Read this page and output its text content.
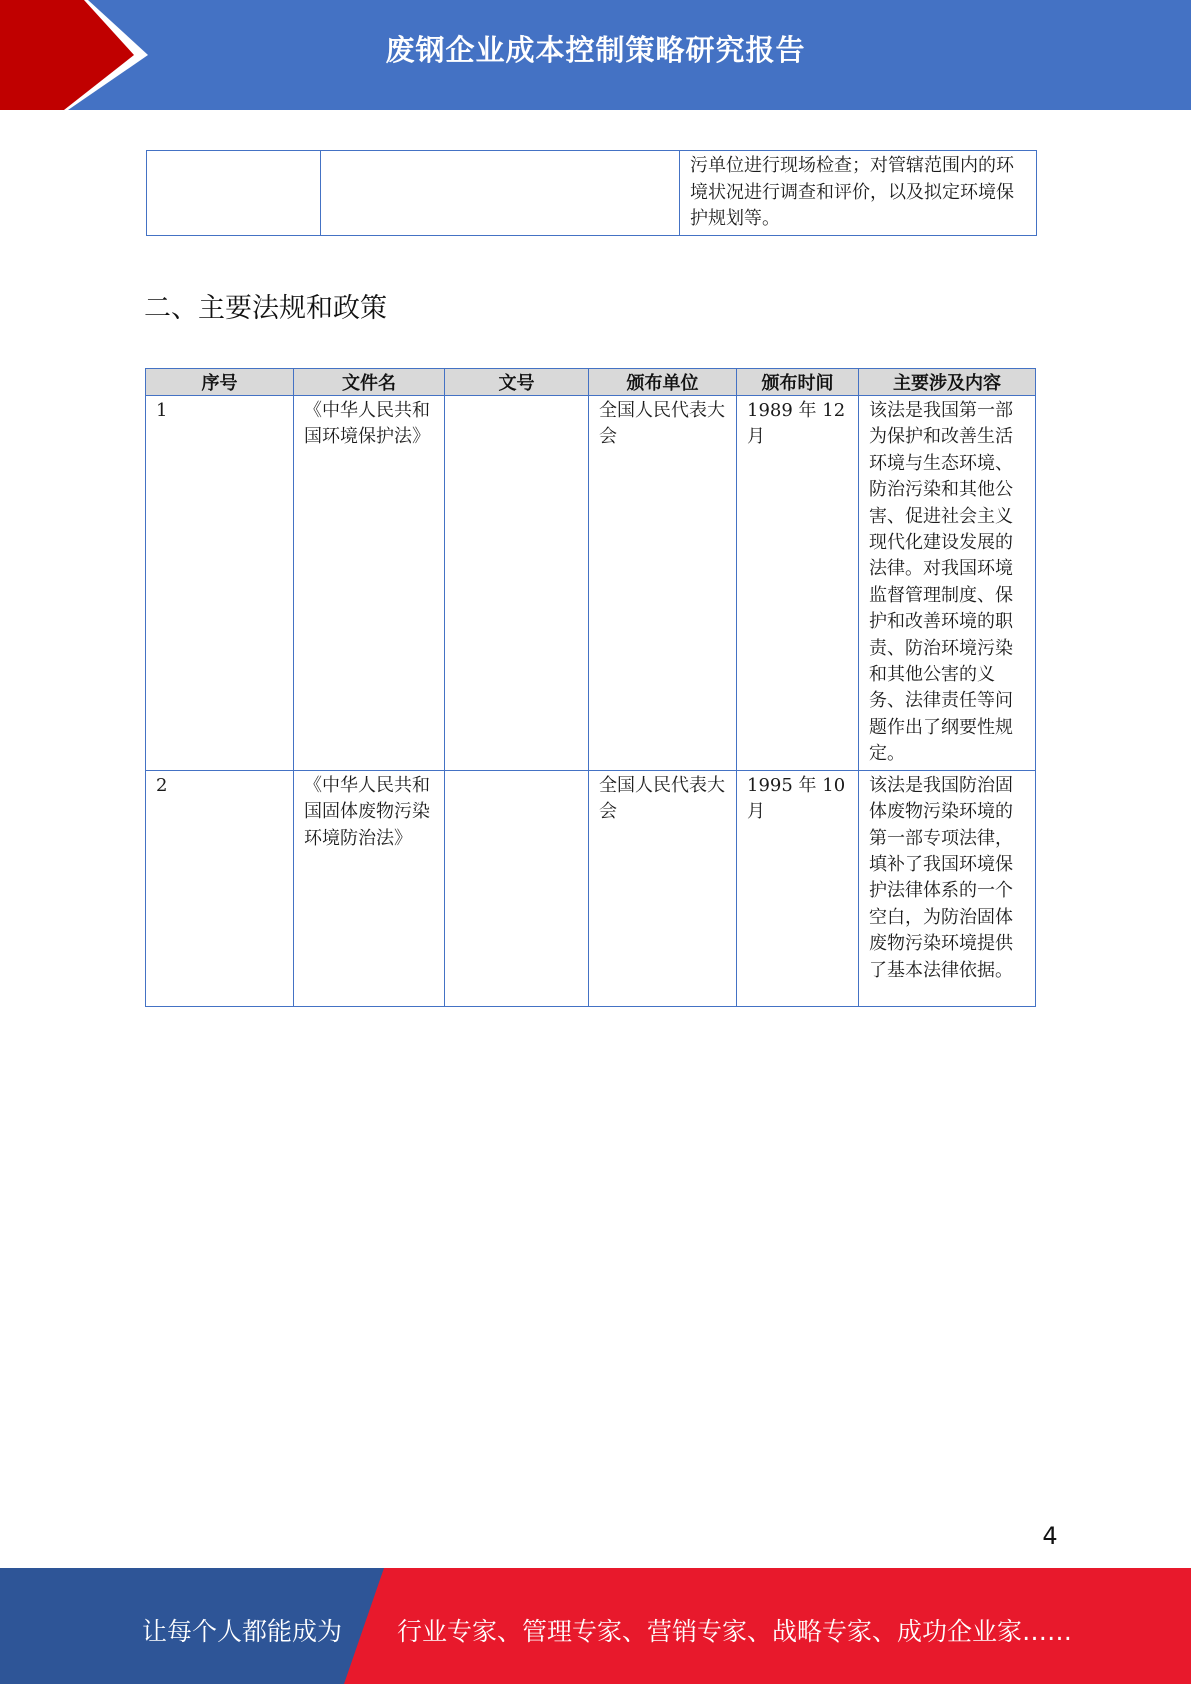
废钢企业成本控制策略研究报告
		污单位进行现场检查；对管辖范围内的环境状况进行调查和评价，以及拟定环境保护规划等。
二、主要法规和政策
序号	文件名	文号	颁布单位	颁布时间	主要涉及内容
1	《中华人民共和国环境保护法》		全国人民代表大会	1989 年 12 月	该法是我国第一部为保护和改善生活环境与生态环境、防治污染和其他公害、促进社会主义现代化建设发展的法律。对我国环境监督管理制度、保护和改善环境的职责、防治环境污染和其他公害的义务、法律责任等问题作出了纲要性规定。
2	《中华人民共和国固体废物污染环境防治法》		全国人民代表大会	1995 年 10 月	该法是我国防治固体废物污染环境的第一部专项法律，填补了我国环境保护法律体系的一个空白，为防治固体废物污染环境提供了基本法律依据。
4
让每个人都能成为 行业专家、管理专家、营销专家、战略专家、成功企业家……
